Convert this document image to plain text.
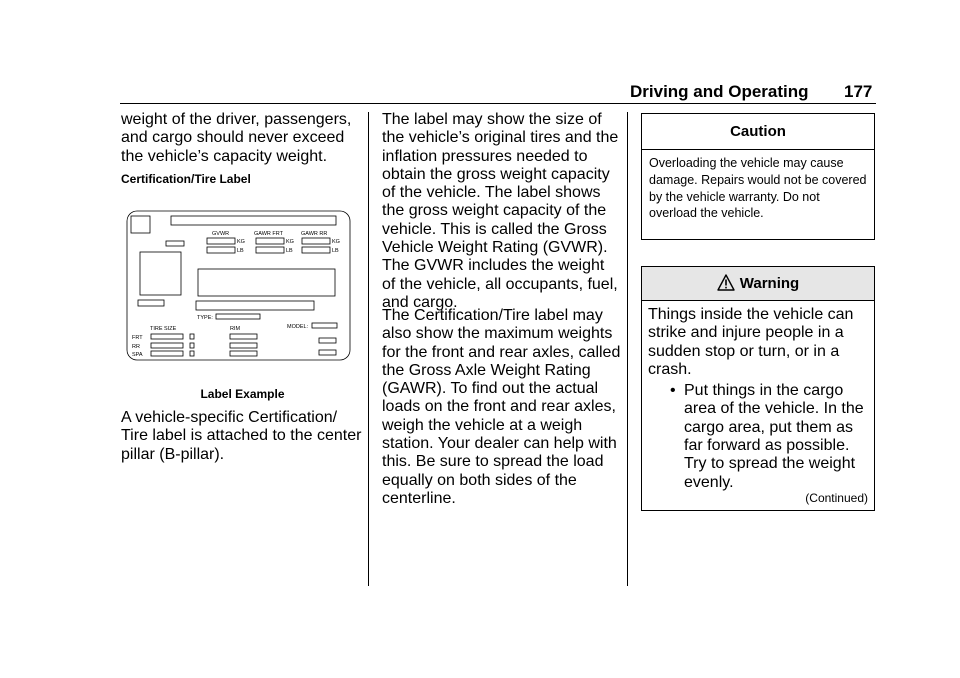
Driving and Operating 177

weight of the driver, passengers, and cargo should never exceed the vehicle’s capacity weight.

Certification/Tire Label
GVWR	GAWR FRT	GAWR RR
KG
LB
KG
LB
KG
LB
TYPE:
TIRE SIZE	RIM	MODEL:
FRT
RR
SPA
Label Example

A vehicle-specific Certification/ Tire label is attached to the center pillar (B-pillar).

The label may show the size of the vehicle’s original tires and the inflation pressures needed to obtain the gross weight capacity of the vehicle. The label shows the gross weight capacity of the vehicle. This is called the Gross Vehicle Weight Rating (GVWR). The GVWR includes the weight of the vehicle, all occupants, fuel, and cargo.

The Certification/Tire label may also show the maximum weights for the front and rear axles, called the Gross Axle Weight Rating (GAWR). To find out the actual loads on the front and rear axles, weigh the vehicle at a weigh station. Your dealer can help with this. Be sure to spread the load equally on both sides of the centerline.

Caution

Overloading the vehicle may cause damage. Repairs would not be covered by the vehicle warranty. Do not overload the vehicle.

Warning

Things inside the vehicle can strike and injure people in a sudden stop or turn, or in a crash.

• Put things in the cargo area of the vehicle. In the cargo area, put them as far forward as possible. Try to spread the weight evenly.
(Continued)
